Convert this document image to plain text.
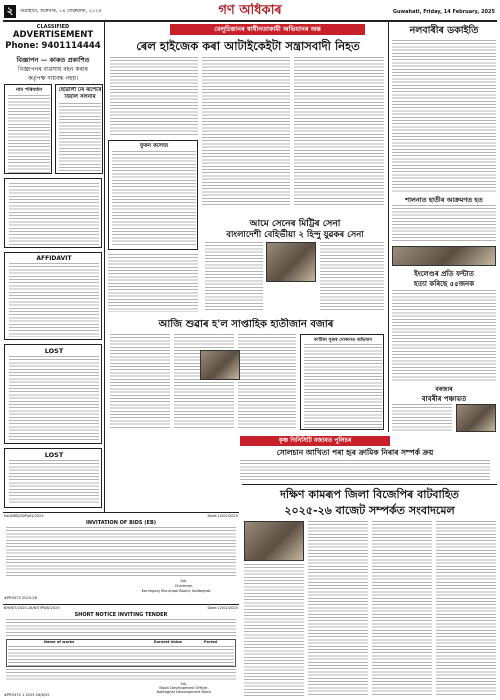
২	গুৱাহাটী, শুক্ৰবাৰ, ১৪ ফেব্ৰুৱাৰী, ২০২৫	গণ অধিকাৰ	Guwahati, Friday, 14 February, 2025
CLASSIFIED
ADVERTISEMENT
Phone: 9401114444
বিজ্ঞাপন — কাকত প্ৰকাশিত
বিজ্ঞাপনৰ ব্যৱসায় বহন কৰাৰ
কৰ্তৃপক্ষ দায়বদ্ধ নহয়।
নাম পৰিবৰ্তন	ছোৱালী ঢৰ ৰূপেৰে
বিয়াল সলনাৰ
AFFIDAVIT
LOST
LOST
বেলুচিস্তানৰ স্বাধীনতাকামী অভিযানৰ অন্ত
ৰেল হাইজেক কৰা আটাইকেইটা সন্ত্ৰাসবাদী নিহত
ফুকন কলেজ
আমে সেনেৰ মিট্টিৰ সেনা
বাংলাদেশী বেহিৰ্ভীয়া ২ হিন্দু যুৱকৰ সেনা
আজি শুৱাৰ হ'ল সাপ্তাহিক হাতীজান বজাৰ
ফাটিকা সুৰাৰ দোকানত অভিযান
কৃষ্ণ গিনিসিটি বজাৰত পুলিচৰ
সোলচান আখিতা পৰা হৃৰ ক্ৰামিক নিৰাৰ সম্পৰ্ক ক্ৰয়
নলবাৰীৰ ডকাইতি
শালনাত হাতীৰ আক্ৰমণত হত
ইংলেণ্ডৰ প্ৰতি ফন্টাত
হত্যা কৰিছে ৫৫জনক
বৰজাৰ
বাবৰীৰ পঞ্চায়ত
No.KMB/GDP/AQ/2025	Date:12/02/2025
INVITATION OF BIDS (EB)
Sd/-
Chairman,
Karimganj Municipal Board, Kalitaghat
#PR9373 2025-26
BH/NIT/2025-26/NIT/PWD/2025	Date:12/02/2025
SHORT NOTICE INVITING TENDER
Name of works	Earnest Value	Period
Sd/-
Block Development Officer,
Kalitaghat Development Block
#PR9375 1 2025 26/6/25
দক্ষিণ কামৰূপ জিলা বিজেপিৰ বাটবাহিত
২০২৫-২৬ বাজেট সম্পৰ্কত সংবাদমেল
